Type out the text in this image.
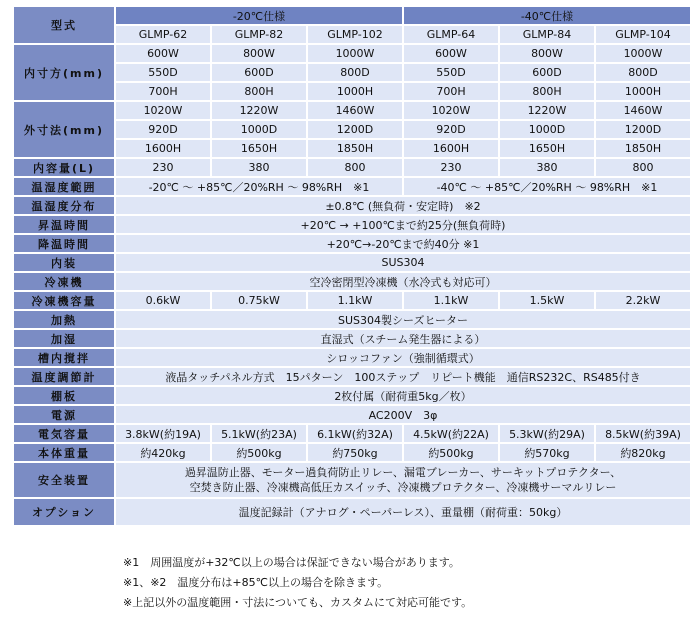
型式	-20℃仕様			-40℃仕様		
	GLMP-62	GLMP-82	GLMP-102	GLMP-64	GLMP-84	GLMP-104
内寸方(mm)	600W	800W	1000W	600W	800W	1000W
	550D	600D	800D	550D	600D	800D
	700H	800H	1000H	700H	800H	1000H
外寸法(mm)	1020W	1220W	1460W	1020W	1220W	1460W
	920D	1000D	1200D	920D	1000D	1200D
	1600H	1650H	1850H	1600H	1650H	1850H
内容量(L)	230	380	800	230	380	800
温湿度範囲	-20℃ ～ +85℃／20%RH ～ 98%RH　※1			-40℃ ～ +85℃／20%RH ～ 98%RH　※1		
温湿度分布	±0.8℃ (無負荷・安定時)　※2					
昇温時間	+20℃ → +100℃まで約25分(無負荷時)					
降温時間	+20℃→-20℃まで約40分 ※1					
内装	SUS304					
冷凍機	空冷密閉型冷凍機（水冷式も対応可）					
冷凍機容量	0.6kW	0.75kW	1.1kW	1.1kW	1.5kW	2.2kW
加熱	SUS304製シーズヒーター					
加湿	直湿式（スチーム発生器による）					
槽内撹拌	シロッコファン（強制循環式）					
温度調節計	液晶タッチパネル方式　15パターン　100ステップ　リピート機能　通信RS232C、RS485付き					
棚板	2枚付属（耐荷重5kg／枚）					
電源	AC200V　3φ					
電気容量	3.8kW(約19A)	5.1kW(約23A)	6.1kW(約32A)	4.5kW(約22A)	5.3kW(約29A)	8.5kW(約39A)
本体重量	約420kg	約500kg	約750kg	約500kg	約570kg	約820kg
安全装置	過昇温防止器、モーター過負荷防止リレー、漏電ブレーカー、サーキットプロテクター、
空焚き防止器、冷凍機高低圧カスイッチ、冷凍機プロテクター、冷凍機サーマルリレー					

オプション	温度記録計（アナログ・ペーパーレス）、重量棚（耐荷重：50kg）					
※1　周囲温度が+32℃以上の場合は保証できない場合があります。
※1、※2　温度分布は+85℃以上の場合を除きます。
※上記以外の温度範囲・寸法についても、カスタムにて対応可能です。
